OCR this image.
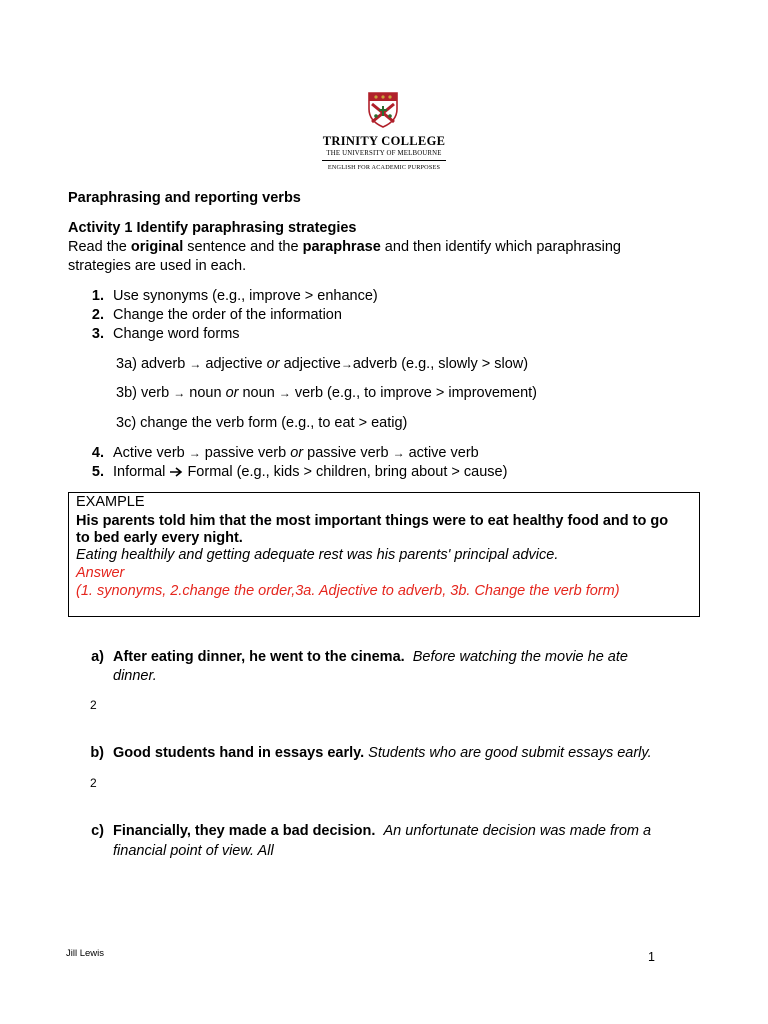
TRINITY COLLEGE
THE UNIVERSITY OF MELBOURNE
ENGLISH FOR ACADEMIC PURPOSES
Paraphrasing and reporting verbs
Activity 1 Identify paraphrasing strategies
Read the original sentence and the paraphrase and then identify which paraphrasing
strategies are used in each.
1. Use synonyms (e.g., improve > enhance)
2. Change the order of the information
3. Change word forms
3a) adverb → adjective or adjective→adverb (e.g., slowly > slow)
3b) verb → noun or noun → verb (e.g., to improve > improvement)
3c) change the verb form (e.g., to eat > eatig)
4. Active verb → passive verb or passive verb → active verb
5. Informal  Formal (e.g., kids > children, bring about > cause)
EXAMPLE
His parents told him that the most important things were to eat healthy food and to go
to bed early every night.
Eating healthily and getting adequate rest was his parents' principal advice.
Answer
(1. synonyms, 2.change the order,3a. Adjective to adverb, 3b. Change the verb form)
a) After eating dinner, he went to the cinema. Before watching the movie he ate
dinner.
2
b) Good students hand in essays early. Students who are good submit essays early.
2
c) Financially, they made a bad decision. An unfortunate decision was made from a
financial point of view. All
Jill Lewis	1
